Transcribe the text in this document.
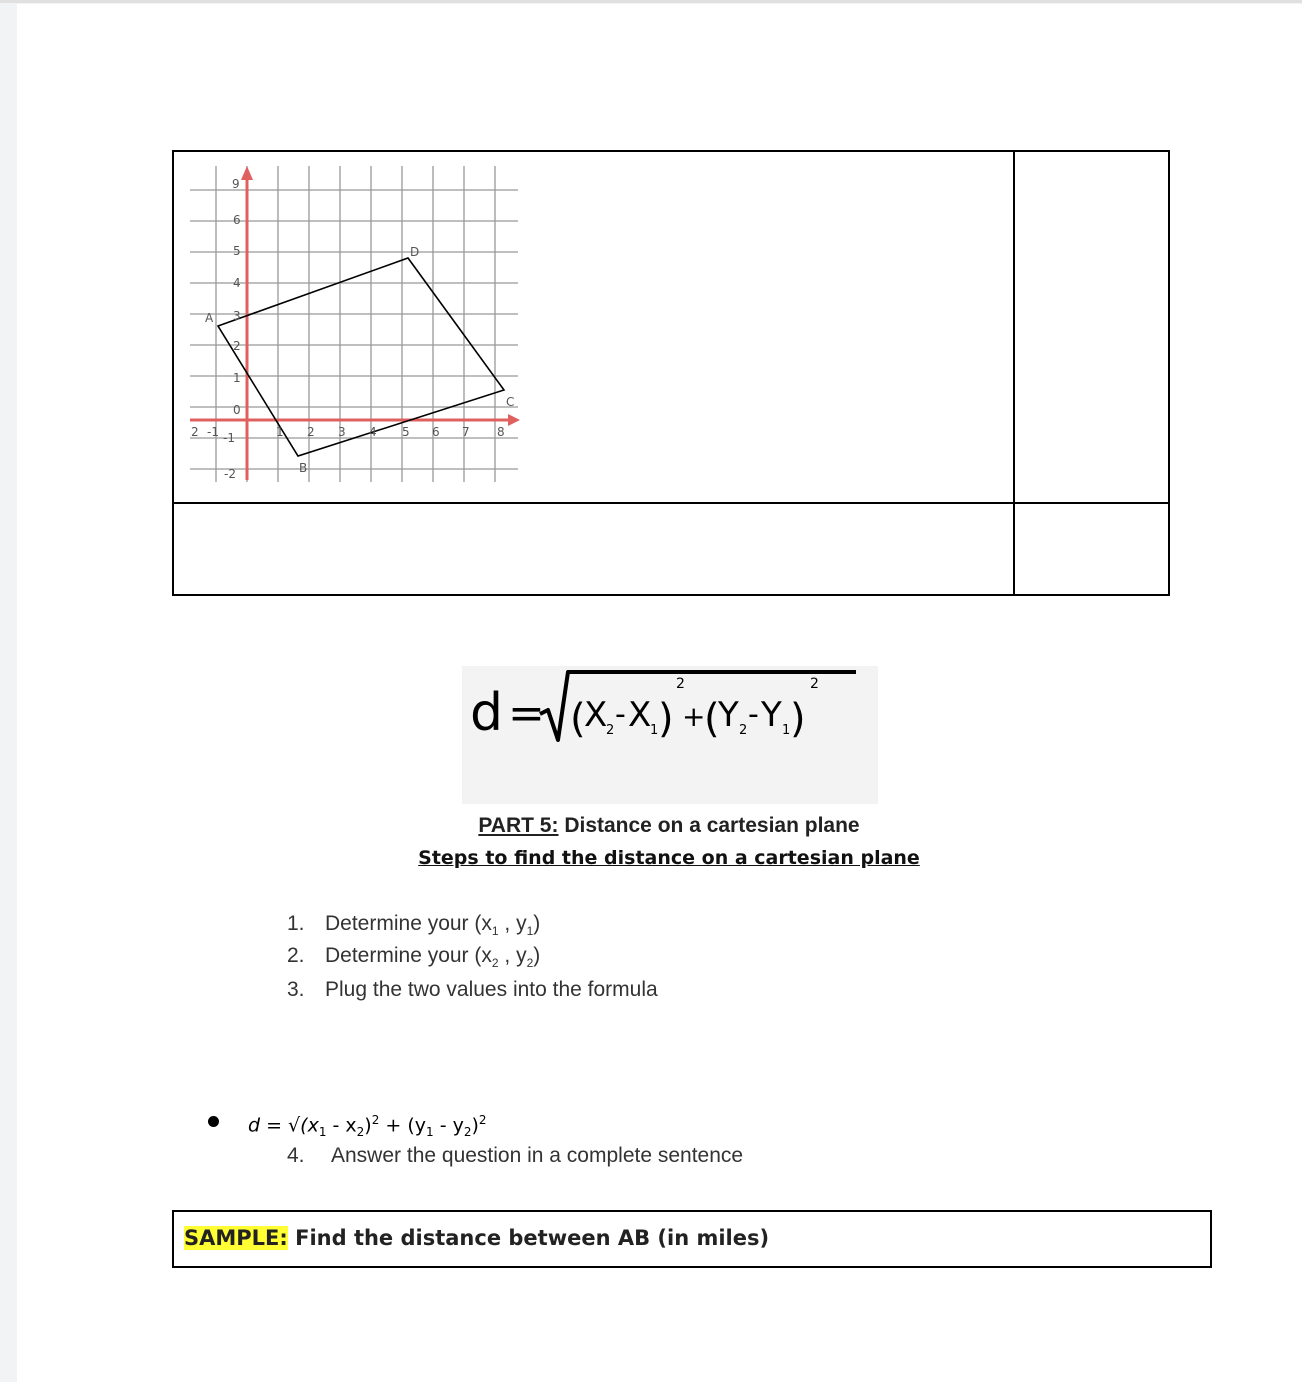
9
6
5
4
3
2
1
0
-1
-2
2 -1	1 2 3 4 5 6 7 8
A
B
C
D
d = (
X
2 - X
1 )
2
+
(
Y 2 - Y 1 )
2
PART 5: Distance on a cartesian plane
Steps to find the distance on a cartesian plane
1. Determine your ($x_1$ , $y_1$)
2. Determine your ($x_2$ , $y_2$)
3. Plug the two values into the formula
$d = √(x_1 - x_2)^2 + (y_1 - y_2)^2$
4. Answer the question in a complete sentence
SAMPLE: Find the distance between AB (in miles)
